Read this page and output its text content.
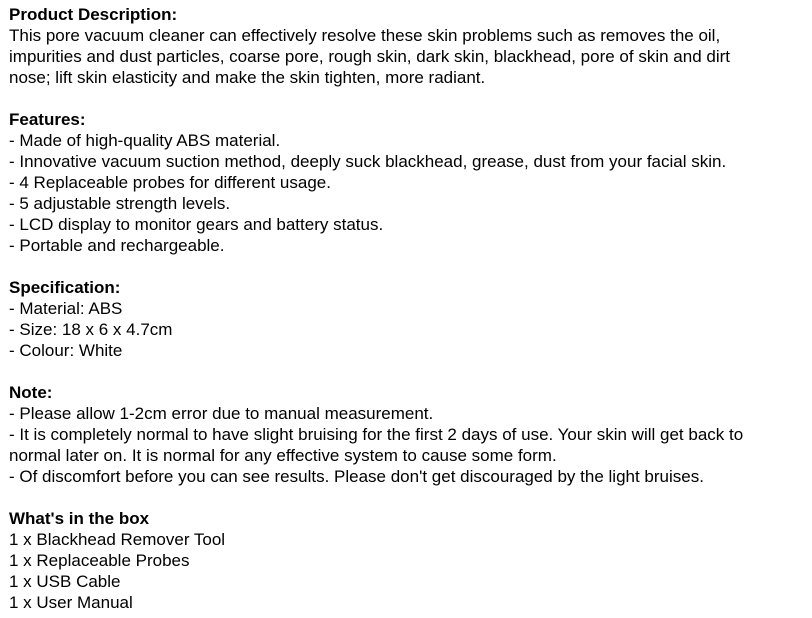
Product Description:
This pore vacuum cleaner can effectively resolve these skin problems such as removes the oil,
impurities and dust particles, coarse pore, rough skin, dark skin, blackhead, pore of skin and dirt
nose; lift skin elasticity and make the skin tighten, more radiant.
Features:
- Made of high-quality ABS material.
- Innovative vacuum suction method, deeply suck blackhead, grease, dust from your facial skin.
- 4 Replaceable probes for different usage.
- 5 adjustable strength levels.
- LCD display to monitor gears and battery status.
- Portable and rechargeable.
Specification:
- Material: ABS
- Size: 18 x 6 x 4.7cm
- Colour: White
Note:
- Please allow 1-2cm error due to manual measurement.
- It is completely normal to have slight bruising for the first 2 days of use. Your skin will get back to
normal later on. It is normal for any effective system to cause some form.
- Of discomfort before you can see results. Please don't get discouraged by the light bruises.
What's in the box
1 x Blackhead Remover Tool
1 x Replaceable Probes
1 x USB Cable
1 x User Manual
